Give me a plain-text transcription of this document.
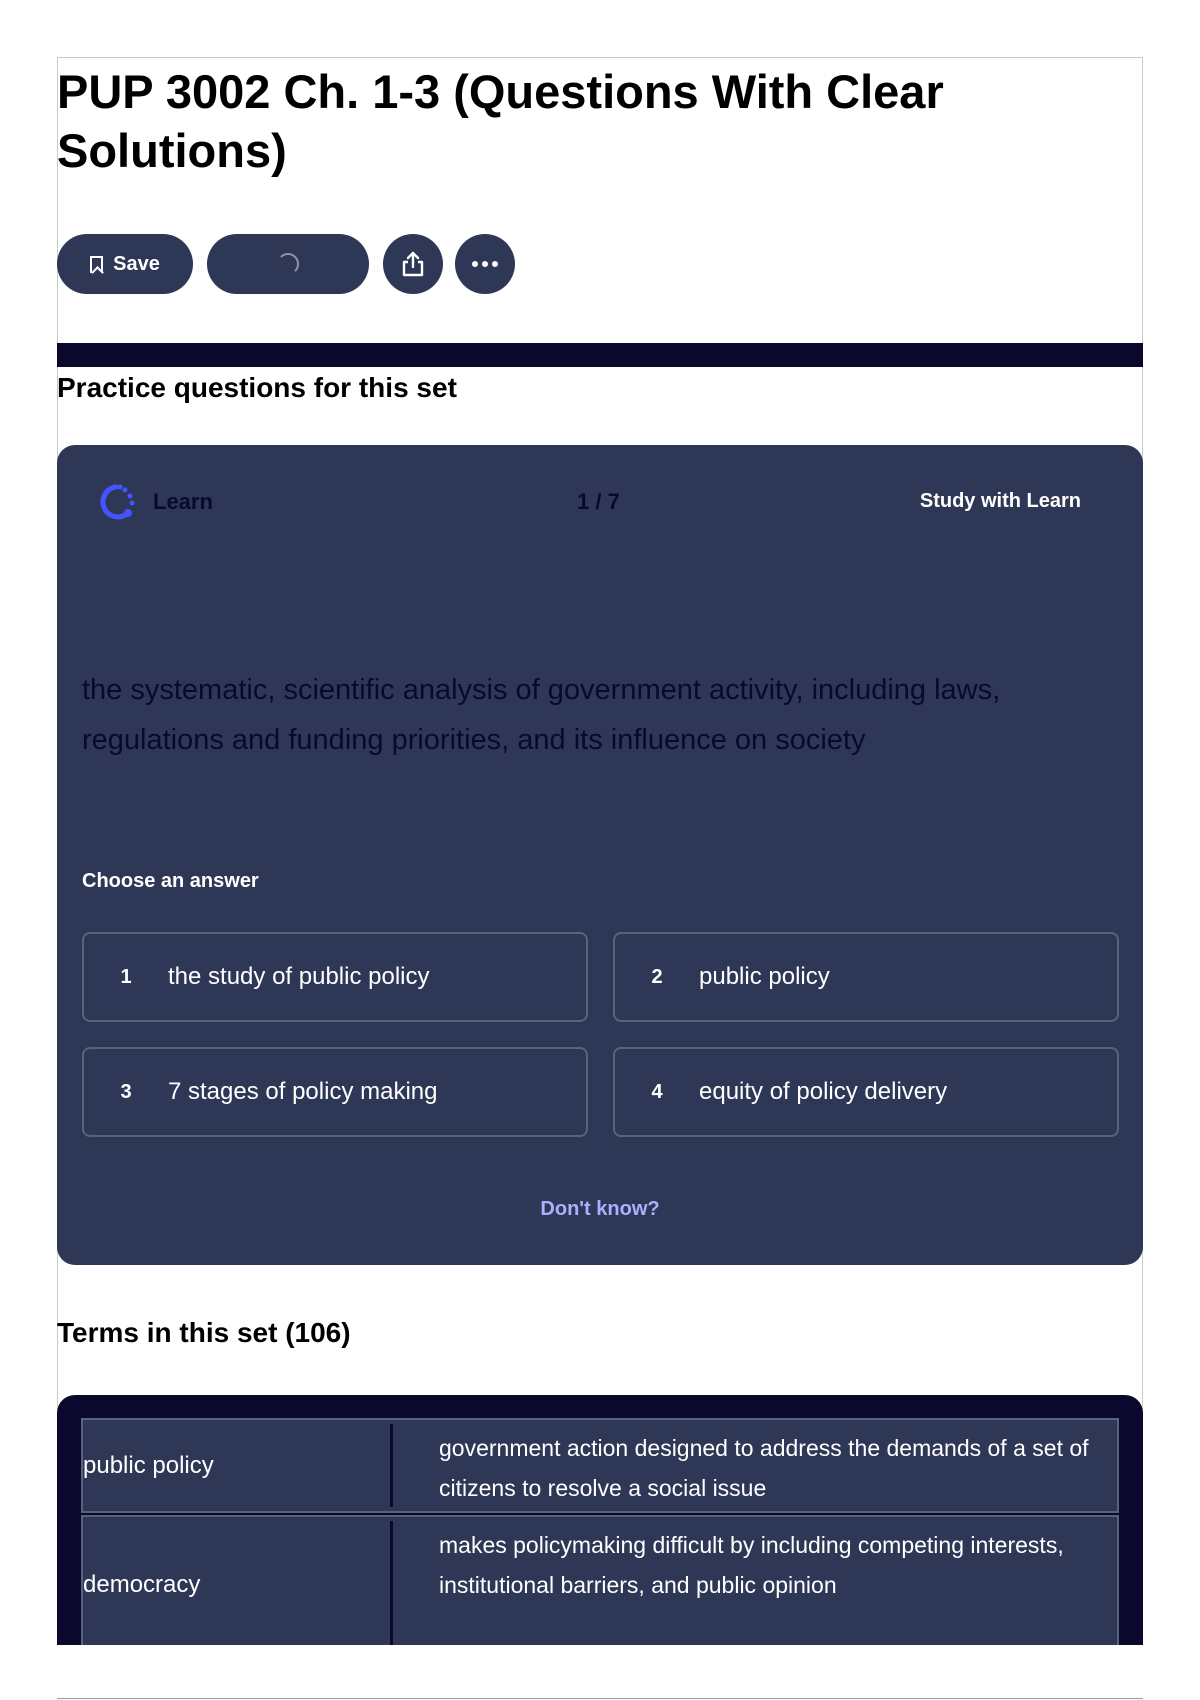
PUP 3002 Ch. 1-3 (Questions With Clear Solutions)
Save
Practice questions for this set
Learn	1 / 7	Study with Learn

the systematic, scientific analysis of government activity, including laws, regulations and funding priorities, and its influence on society

Choose an answer
1	the study of public policy	2	public policy
3	7 stages of policy making	4	equity of policy delivery
Don't know?
Terms in this set (106)
public policy
government action designed to address the demands of a set of citizens to resolve a social issue
democracy
makes policymaking difficult by including competing interests, institutional barriers, and public opinion
